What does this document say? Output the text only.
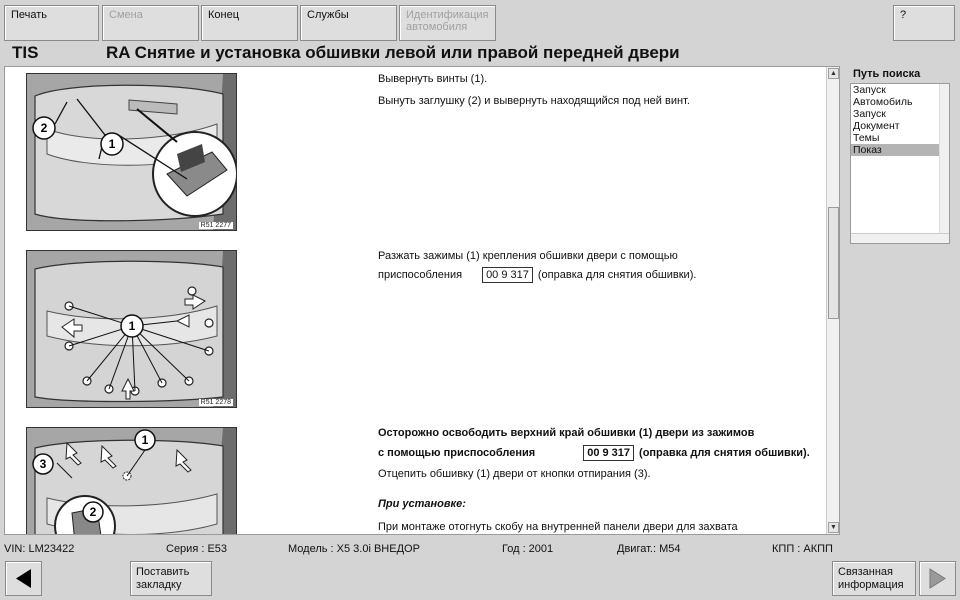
Печать	Смена	Конец	Службы	Идентификация автомобиля
?
TIS	RA Снятие и установка обшивки левой или правой передней двери
1
2
R51 2277
1
R51 2278
1
2
3
Вывернуть винты (1).
Вынуть заглушку (2) и вывернуть находящийся под ней винт.
Разжать зажимы (1) крепления обшивки двери с помощью
приспособления 00 9 317 (оправка для снятия обшивки).
Осторожно освободить верхний край обшивки (1) двери из зажимов
с помощью приспособления	00 9 317 (оправка для снятия обшивки).
Отцепить обшивку (1) двери от кнопки отпирания (3).
При установке:
При монтаже отогнуть скобу на внутренней панели двери для захвата
▲
▼
Путь поиска
Запуск
Автомобиль
Запуск
Документ
Темы
Показ
VIN: LM23422	Серия : E53	Модель : X5 3.0i ВНЕДОР	Год : 2001	Двигат.: M54	КПП : АКПП
Поставить закладку
Связанная информация
